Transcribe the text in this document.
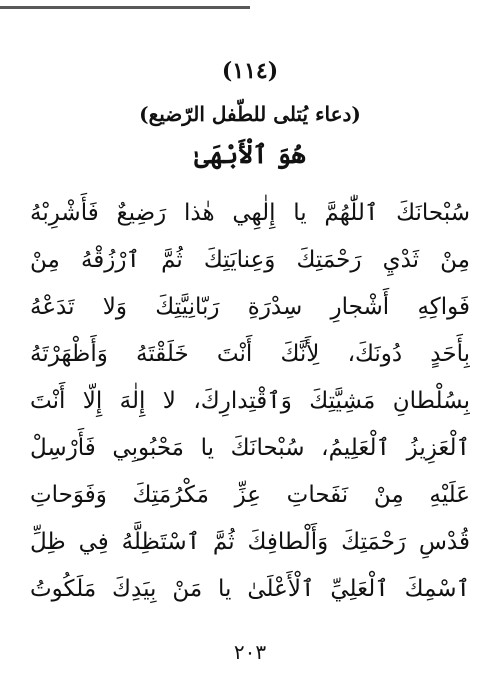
(١١٤)
(دعاء يُتلى للطّفل الرّضيع)
هُوَ ٱلْأَبْهَىٰ
سُبْحانَكَ ٱللّٰهُمَّ يا إِلٰهِي هٰذا رَضِيعٌ فَأَشْرِبْهُ
مِنْ ثَدْيِ رَحْمَتِكَ وَعِنايَتِكَ ثُمَّ ٱرْزُقْهُ مِنْ
فَواكِهِ أَشْجارِ سِدْرَةِ رَبّانِيَّتِكَ وَلا تَدَعْهُ
بِأَحَدٍ دُونَكَ، لِأَنَّكَ أَنْتَ خَلَقْتَهُ وَأَظْهَرْتَهُ
بِسُلْطانِ مَشِيَّتِكَ وَٱقْتِدارِكَ، لا إِلٰهَ إِلّا أَنْتَ
ٱلْعَزِيزُ ٱلْعَلِيمُ، سُبْحانَكَ يا مَحْبُوبِي فَأَرْسِلْ
عَلَيْهِ مِنْ نَفَحاتِ عِزِّ مَكْرُمَتِكَ وَفَوَحاتِ
قُدْسِ رَحْمَتِكَ وَأَلْطافِكَ ثُمَّ ٱسْتَظِلَّهُ فِي ظِلِّ
ٱسْمِكَ ٱلْعَلِيِّ ٱلْأَعْلَىٰ يا مَنْ بِيَدِكَ مَلَكُوتُ
٢٠٣
